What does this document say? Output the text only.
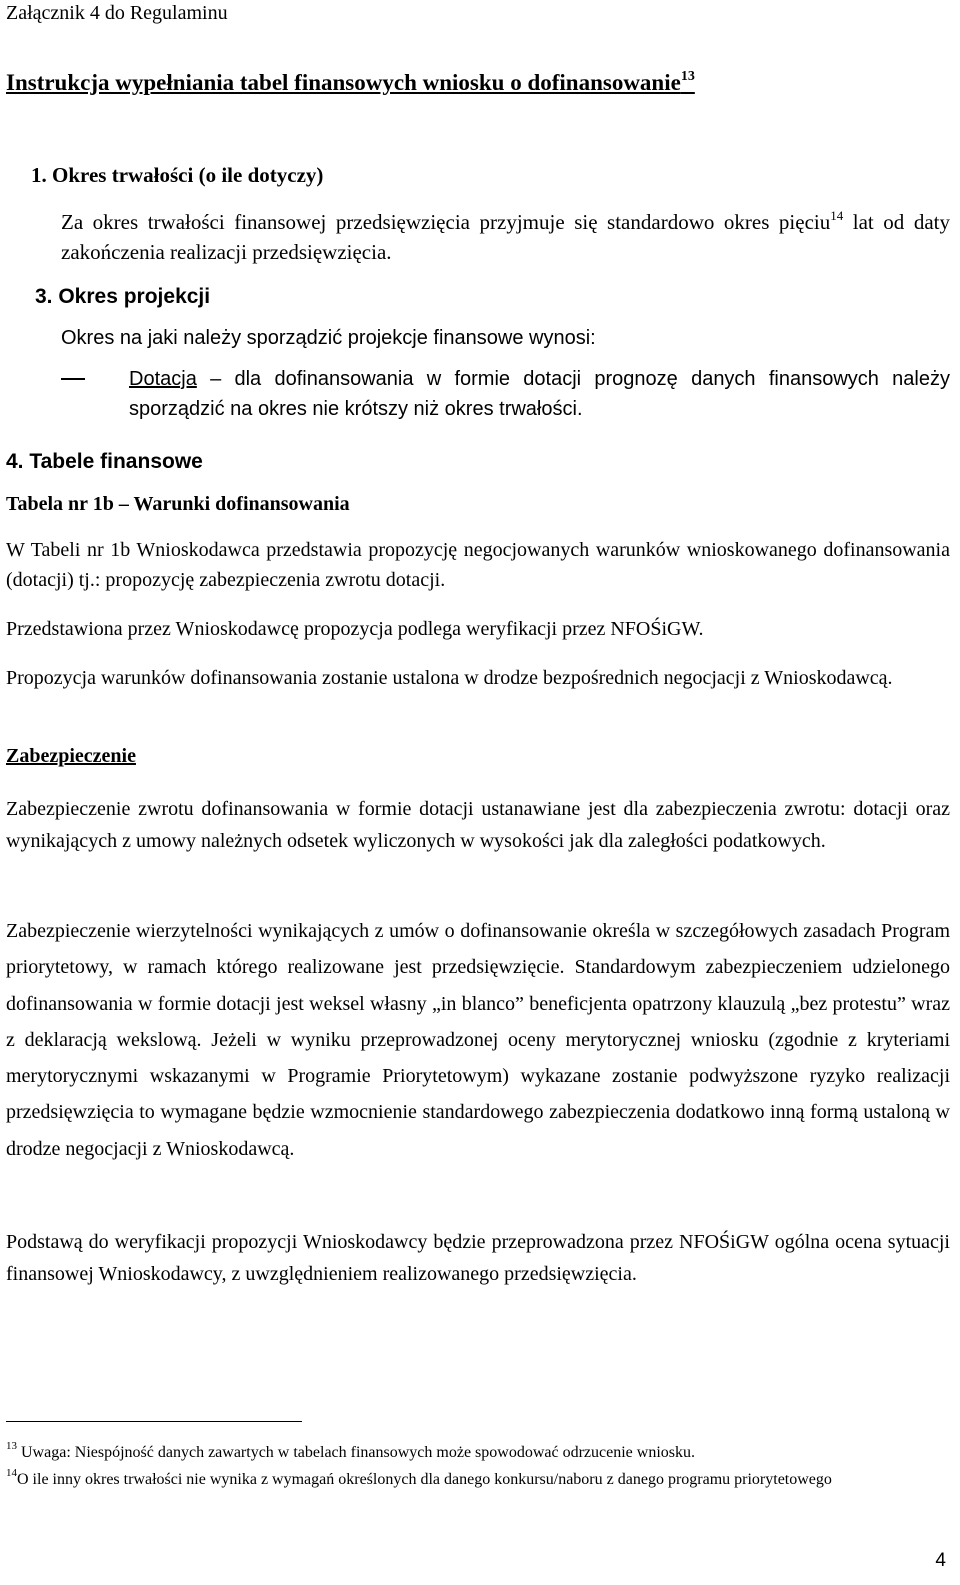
Załącznik 4 do Regulaminu
Instrukcja wypełniania tabel finansowych wniosku o dofinansowanie$^{13}$
1. Okres trwałości (o ile dotyczy)
Za okres trwałości finansowej przedsięwzięcia przyjmuje się standardowo okres pięciu$^{14}$ lat od daty zakończenia realizacji przedsięwzięcia.
3. Okres projekcji
Okres na jaki należy sporządzić projekcje finansowe wynosi:
Dotacja – dla dofinansowania w formie dotacji prognozę danych finansowych należy sporządzić na okres nie krótszy niż okres trwałości.
4. Tabele finansowe
Tabela nr 1b – Warunki dofinansowania
W Tabeli nr 1b Wnioskodawca przedstawia propozycję negocjowanych warunków wnioskowanego dofinansowania (dotacji) tj.: propozycję zabezpieczenia zwrotu dotacji.
Przedstawiona przez Wnioskodawcę propozycja podlega weryfikacji przez NFOŚiGW.
Propozycja warunków dofinansowania zostanie ustalona w drodze bezpośrednich negocjacji z Wnioskodawcą.
Zabezpieczenie
Zabezpieczenie zwrotu dofinansowania w formie dotacji ustanawiane jest dla zabezpieczenia zwrotu: dotacji oraz wynikających z umowy należnych odsetek wyliczonych w wysokości jak dla zaległości podatkowych.
Zabezpieczenie wierzytelności wynikających z umów o dofinansowanie określa w szczegółowych zasadach Program priorytetowy, w ramach którego realizowane jest przedsięwzięcie. Standardowym zabezpieczeniem udzielonego dofinansowania w formie dotacji jest weksel własny „in blanco” beneficjenta opatrzony klauzulą „bez protestu” wraz z deklaracją wekslową. Jeżeli w wyniku przeprowadzonej oceny merytorycznej wniosku (zgodnie z kryteriami merytorycznymi wskazanymi w Programie Priorytetowym) wykazane zostanie podwyższone ryzyko realizacji przedsięwzięcia to wymagane będzie wzmocnienie standardowego zabezpieczenia dodatkowo inną formą ustaloną w drodze negocjacji z Wnioskodawcą.
Podstawą do weryfikacji propozycji Wnioskodawcy będzie przeprowadzona przez NFOŚiGW ogólna ocena sytuacji finansowej Wnioskodawcy, z uwzględnieniem realizowanego przedsięwzięcia.
$^{13}$ Uwaga: Niespójność danych zawartych w tabelach finansowych może spowodować odrzucenie wniosku.
$^{14}$O ile inny okres trwałości nie wynika z wymagań określonych dla danego konkursu/naboru z danego programu priorytetowego
4
